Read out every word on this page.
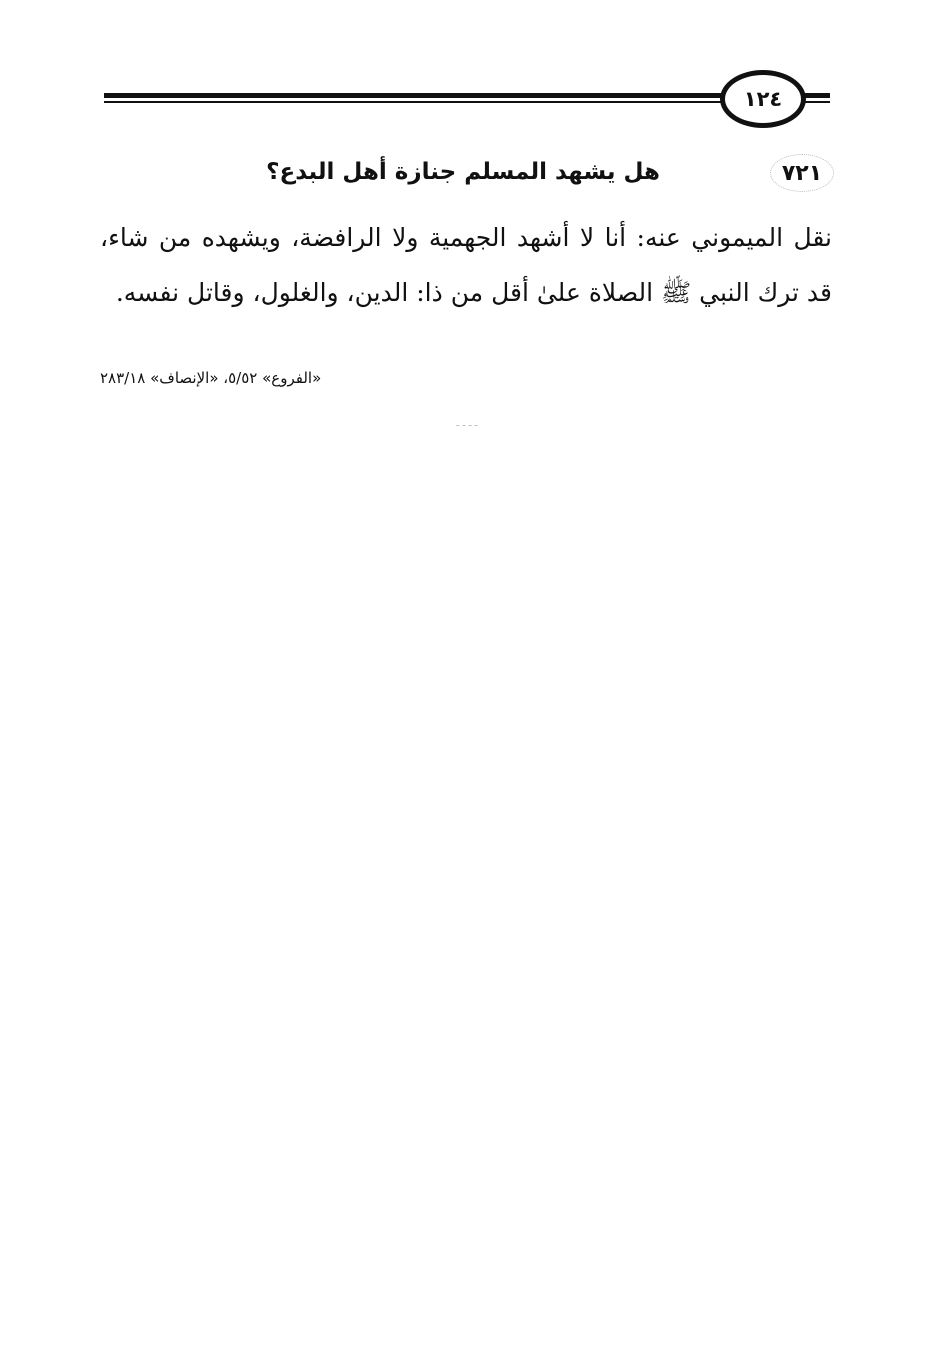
١٢٤
٧٢١
هل يشهد المسلم جنازة أهل البدع؟
نقل الميموني عنه: أنا لا أشهد الجهمية ولا الرافضة، ويشهده من شاء، قد ترك النبي ﷺ الصلاة علىٰ أقل من ذا: الدين، والغلول، وقاتل نفسه.
«الفروع» ٥/٥٢، «الإنصاف» ٢٨٣/١٨
ـ ـ ـ ـ
